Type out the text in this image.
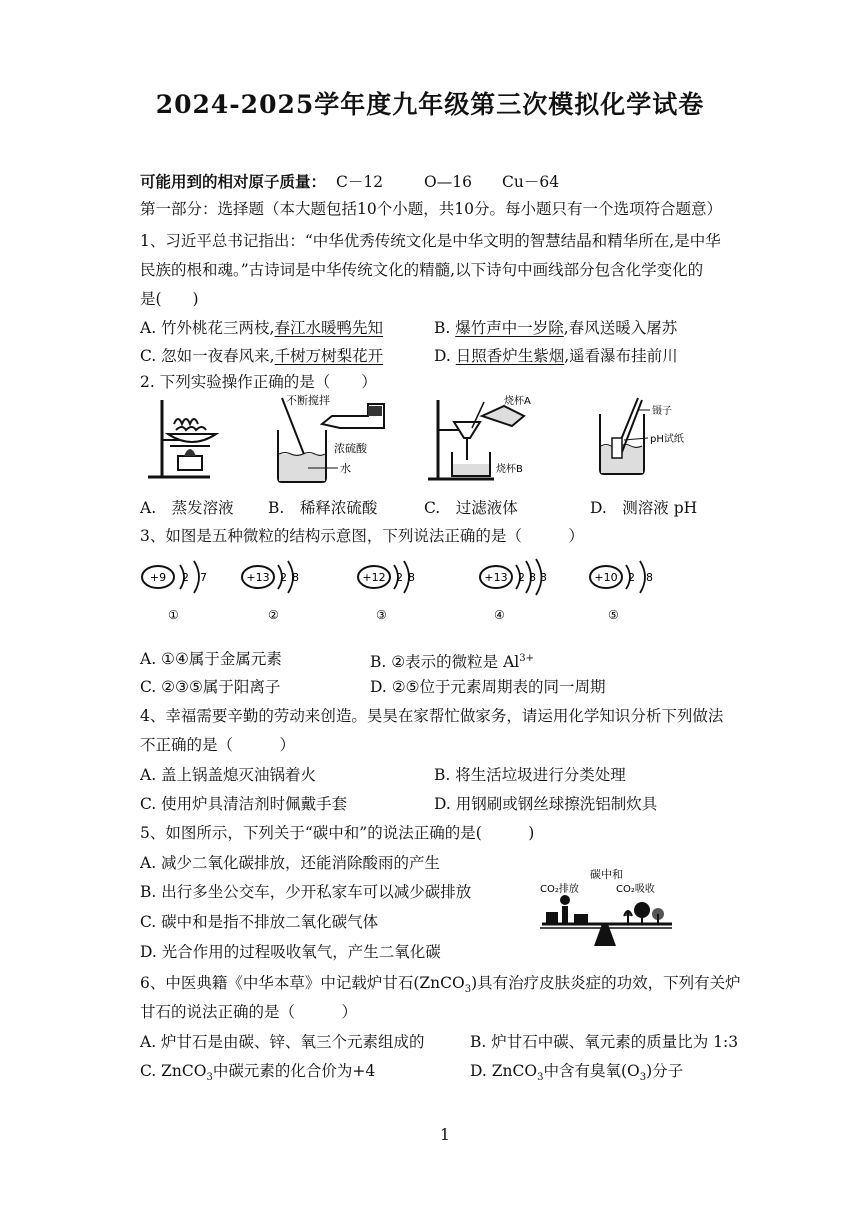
2024-2025学年度九年级第三次模拟化学试卷
可能用到的相对原子质量： C－12	O—16 Cu－64
第一部分：选择题（本大题包括10个小题，共10分。每小题只有一个选项符合题意）
1、习近平总书记指出：“中华优秀传统文化是中华文明的智慧结晶和精华所在,是中华
民族的根和魂。”古诗词是中华传统文化的精髓,以下诗句中画线部分包含化学变化的
是(　　)
A. 竹外桃花三两枝,春江水暖鸭先知	B. 爆竹声中一岁除,春风送暖入屠苏
C. 忽如一夜春风来,千树万树梨花开	D. 日照香炉生紫烟,遥看瀑布挂前川
2. 下列实验操作正确的是（　　）
不断搅拌
浓硫酸
水
烧杯A
烧杯B
镊子
pH试纸
A.　蒸发溶液 B.　稀释浓硫酸	C.　过滤液体	D.　测溶液 pH
3、如图是五种微粒的结构示意图，下列说法正确的是（　　　）
+9 2 7
①
+13 2 8
②
+12 2 8
③
+13 2 8 3
④
+10 2 8
⑤
A. ①④属于金属元素	B. ②表示的微粒是 $Al^{3+}$
C. ②③⑤属于阳离子	D. ②⑤位于元素周期表的同一周期
4、幸福需要辛勤的劳动来创造。昊昊在家帮忙做家务，请运用化学知识分析下列做法
不正确的是（　　　）
A. 盖上锅盖熄灭油锅着火	B. 将生活垃圾进行分类处理
C. 使用炉具清洁剂时佩戴手套	D. 用钢刷或钢丝球擦洗铝制炊具
5、如图所示，下列关于“碳中和”的说法正确的是(　　　)
A. 减少二氧化碳排放，还能消除酸雨的产生
B. 出行多坐公交车，少开私家车可以减少碳排放
C. 碳中和是指不排放二氧化碳气体
D. 光合作用的过程吸收氧气，产生二氧化碳
碳中和
CO₂排放	CO₂吸收
6、中医典籍《中华本草》中记载炉甘石(ZnCO$_3$)具有治疗皮肤炎症的功效，下列有关炉
甘石的说法正确的是（　　　）
A. 炉甘石是由碳、锌、氧三个元素组成的	B. 炉甘石中碳、氧元素的质量比为 1:3
C. ZnCO$_3$中碳元素的化合价为+4	D. ZnCO$_3$中含有臭氧$(O_3)$分子
1
